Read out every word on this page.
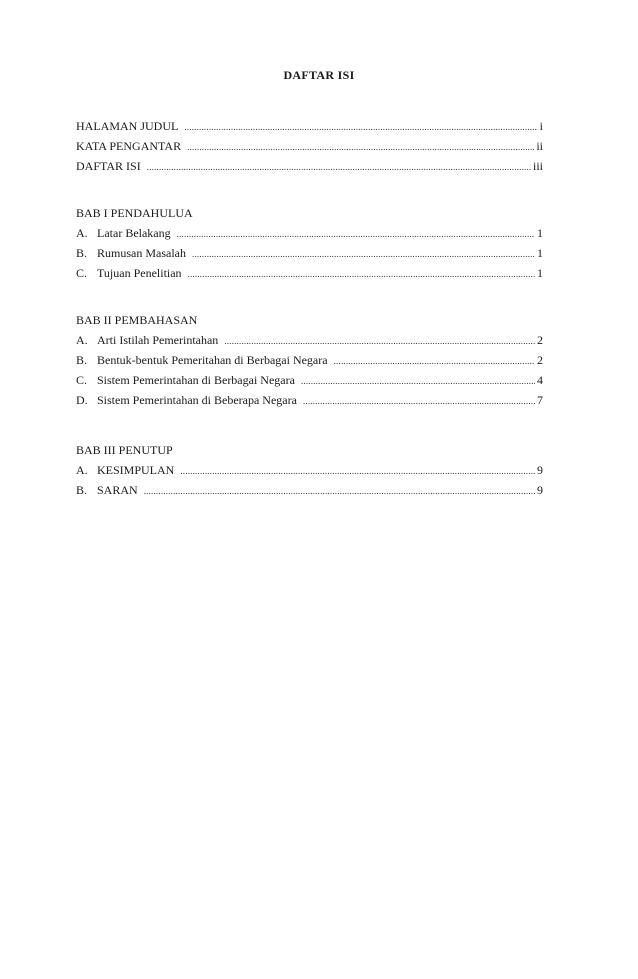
DAFTAR ISI
HALAMAN JUDUL .....	i
KATA PENGANTAR .....	ii
DAFTAR ISI .....	iii
BAB I PENDAHULUA
A. Latar Belakang .....	1
B. Rumusan Masalah .....	1
C. Tujuan Penelitian .....	1
BAB II PEMBAHASAN
A. Arti Istilah Pemerintahan .....	2
B. Bentuk-bentuk Pemeritahan di Berbagai Negara .....	2
C. Sistem Pemerintahan di Berbagai Negara .....	4
D. Sistem Pemerintahan di Beberapa Negara .....	7
BAB III PENUTUP
A. KESIMPULAN .....	9
B. SARAN .....	9
